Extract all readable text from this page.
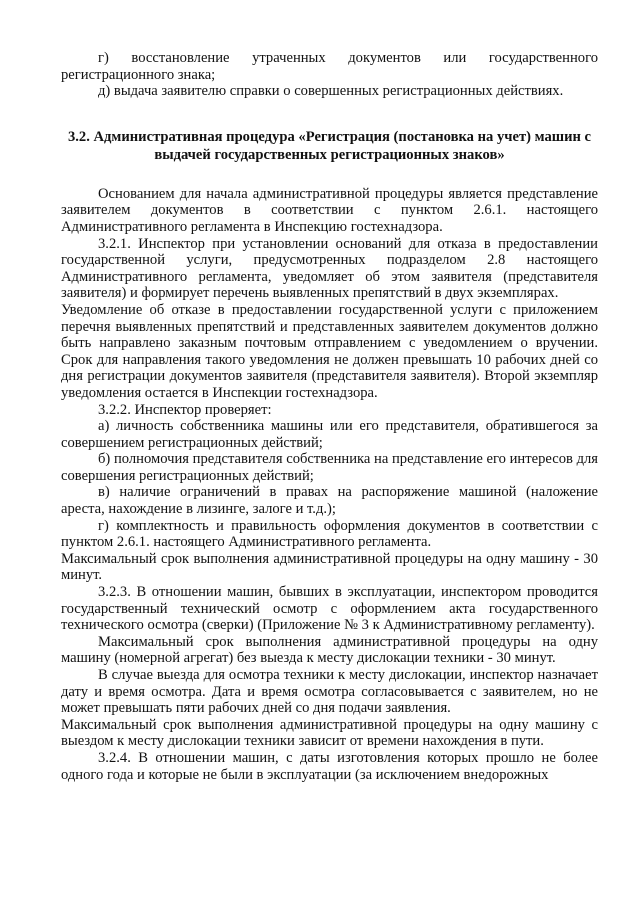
г) восстановление утраченных документов или государственного регистрационного знака;

д) выдача заявителю справки о совершенных регистрационных действиях.

3.2. Административная процедура «Регистрация (постановка на учет) машин с выдачей государственных регистрационных знаков»

Основанием для начала административной процедуры является представление заявителем документов в соответствии с пунктом 2.6.1. настоящего Административного регламента в Инспекцию гостехнадзора.

3.2.1. Инспектор при установлении оснований для отказа в предоставлении государственной услуги, предусмотренных подразделом 2.8 настоящего Административного регламента, уведомляет об этом заявителя (представителя заявителя) и формирует перечень выявленных препятствий в двух экземплярах.

Уведомление об отказе в предоставлении государственной услуги с приложением перечня выявленных препятствий и представленных заявителем документов должно быть направлено заказным почтовым отправлением с уведомлением о вручении. Срок для направления такого уведомления не должен превышать 10 рабочих дней со дня регистрации документов заявителя (представителя заявителя). Второй экземпляр уведомления остается в Инспекции гостехнадзора.

3.2.2. Инспектор проверяет:

а) личность собственника машины или его представителя, обратившегося за совершением регистрационных действий;

б) полномочия представителя собственника на представление его интересов для совершения регистрационных действий;

в) наличие ограничений в правах на распоряжение машиной (наложение ареста, нахождение в лизинге, залоге и т.д.);

г) комплектность и правильность оформления документов в соответствии с пунктом 2.6.1. настоящего Административного регламента.

Максимальный срок выполнения административной процедуры на одну машину - 30 минут.

3.2.3. В отношении машин, бывших в эксплуатации, инспектором проводится государственный технический осмотр с оформлением акта государственного технического осмотра (сверки) (Приложение № 3 к Административному регламенту).

Максимальный срок выполнения административной процедуры на одну машину (номерной агрегат) без выезда к месту дислокации техники - 30 минут.

В случае выезда для осмотра техники к месту дислокации, инспектор назначает дату и время осмотра. Дата и время осмотра согласовывается с заявителем, но не может превышать пяти рабочих дней со дня подачи заявления.

Максимальный срок выполнения административной процедуры на одну машину с выездом к месту дислокации техники зависит от времени нахождения в пути.

3.2.4. В отношении машин, с даты изготовления которых прошло не более одного года и которые не были в эксплуатации (за исключением внедорожных
